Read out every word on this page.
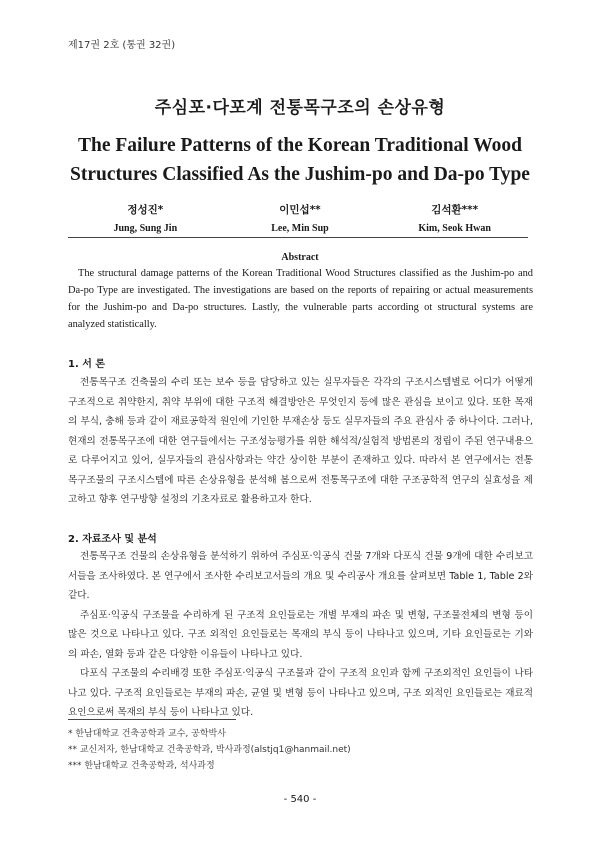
제17권 2호 (통권 32권)
주심포·다포계 전통목구조의 손상유형
The Failure Patterns of the Korean Traditional Wood Structures Classified As the Jushim-po and Da-po Type
정성진*
Jung, Sung Jin
이민섭**
Lee, Min Sup
김석환***
Kim, Seok Hwan
Abstract

The structural damage patterns of the Korean Traditional Wood Structures classified as the Jushim-po and Da-po Type are investigated. The investigations are based on the reports of repairing or actual measurements for the Jushim-po and Da-po structures. Lastly, the vulnerable parts according ot structural systems are analyzed statistically.

1. 서 론

전통목구조 건축물의 수리 또는 보수 등을 담당하고 있는 실무자들은 각각의 구조시스템별로 어디가 어떻게 구조적으로 취약한지, 취약 부위에 대한 구조적 해결방안은 무엇인지 등에 많은 관심을 보이고 있다. 또한 목재의 부식, 충해 등과 같이 재료공학적 원인에 기인한 부재손상 등도 실무자들의 주요 관심사 중 하나이다. 그러나, 현재의 전통목구조에 대한 연구들에서는 구조성능평가를 위한 해석적/실험적 방법론의 정립이 주된 연구내용으로 다루어지고 있어, 실무자들의 관심사항과는 약간 상이한 부분이 존재하고 있다. 따라서 본 연구에서는 전통 목구조물의 구조시스템에 따른 손상유형을 분석해 봄으로써 전통목구조에 대한 구조공학적 연구의 실효성을 제고하고 향후 연구방향 설정의 기초자료로 활용하고자 한다.

2. 자료조사 및 분석

전통목구조 건물의 손상유형을 분석하기 위하여 주심포·익공식 건물 7개와 다포식 건물 9개에 대한 수리보고서들을 조사하였다. 본 연구에서 조사한 수리보고서들의 개요 및 수리공사 개요를 살펴보면 Table 1, Table 2와 같다.

주심포·익공식 구조물을 수리하게 된 구조적 요인들로는 개별 부재의 파손 및 변형, 구조물전체의 변형 등이 많은 것으로 나타나고 있다. 구조 외적인 요인들로는 목재의 부식 등이 나타나고 있으며, 기타 요인들로는 기와의 파손, 열화 등과 같은 다양한 이유들이 나타나고 있다.

다포식 구조물의 수리배경 또한 주심포·익공식 구조물과 같이 구조적 요인과 함께 구조외적인 요인들이 나타나고 있다. 구조적 요인들로는 부재의 파손, 균열 및 변형 등이 나타나고 있으며, 구조 외적인 요인들로는 재료적 요인으로써 목재의 부식 등이 나타나고 있다.

* 한남대학교 건축공학과 교수, 공학박사
** 교신저자, 한남대학교 건축공학과, 박사과정(alstjq1@hanmail.net)
*** 한남대학교 건축공학과, 석사과정
- 540 -
